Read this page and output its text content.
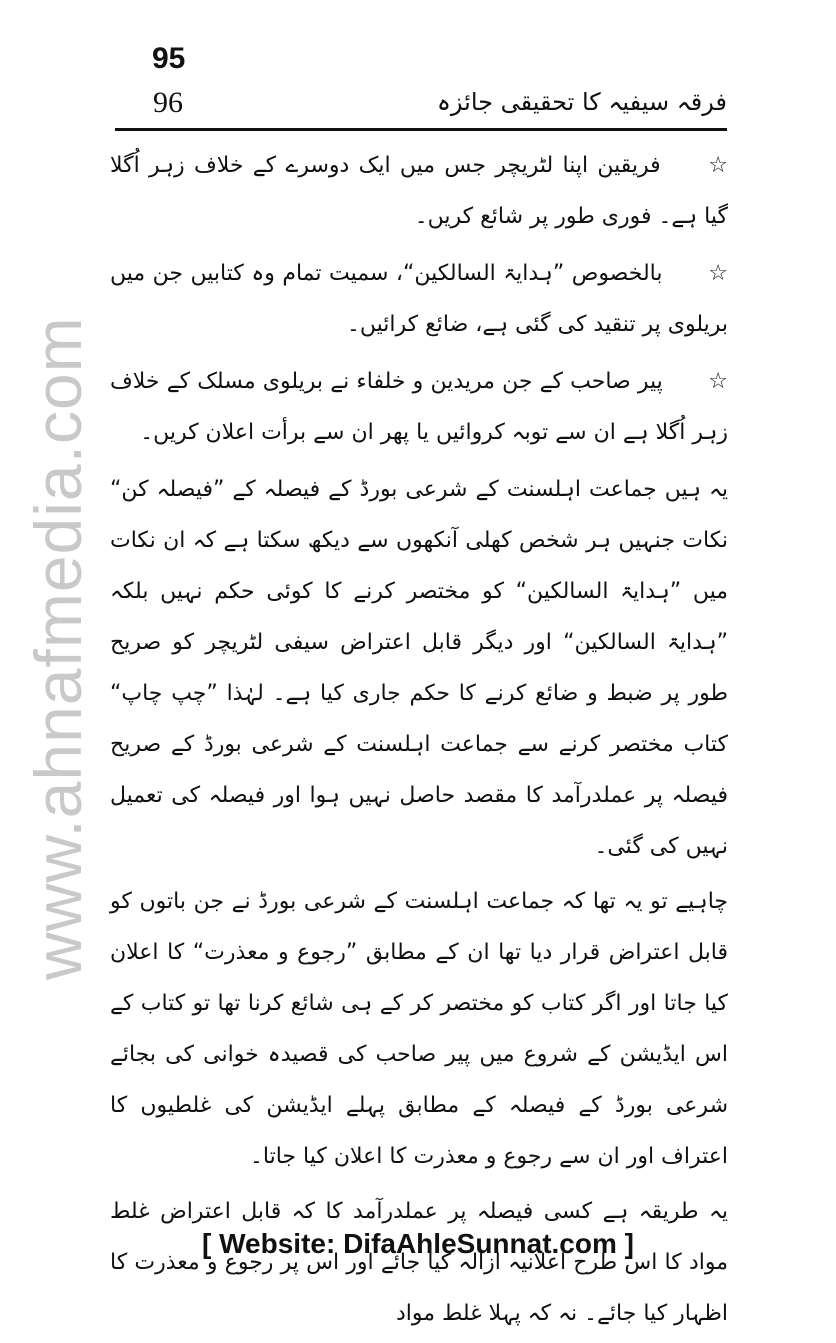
www.ahnafmedia.com
95
96	فرقہ سیفیہ کا تحقیقی جائزہ
☆ فریقین اپنا لٹریچر جس میں ایک دوسرے کے خلاف زہر اُگلا گیا ہے۔ فوری طور پر شائع کریں۔
☆ بالخصوص ”ہدایۃ السالکین“، سمیت تمام وہ کتابیں جن میں بریلوی پر تنقید کی گئی ہے، ضائع کرائیں۔
☆ پیر صاحب کے جن مریدین و خلفاء نے بریلوی مسلک کے خلاف زہر اُگلا ہے ان سے توبہ کروائیں یا پھر ان سے برأت اعلان کریں۔

یہ ہیں جماعت اہلسنت کے شرعی بورڈ کے فیصلہ کے ”فیصلہ کن“ نکات جنہیں ہر شخص کھلی آنکھوں سے دیکھ سکتا ہے کہ ان نکات میں ”ہدایۃ السالکین“ کو مختصر کرنے کا کوئی حکم نہیں بلکہ ”ہدایۃ السالکین“ اور دیگر قابل اعتراض سیفی لٹریچر کو صریح طور پر ضبط و ضائع کرنے کا حکم جاری کیا ہے۔ لہٰذا ”چپ چاپ“ کتاب مختصر کرنے سے جماعت اہلسنت کے شرعی بورڈ کے صریح فیصلہ پر عملدرآمد کا مقصد حاصل نہیں ہوا اور فیصلہ کی تعمیل نہیں کی گئی۔

چاہیے تو یہ تھا کہ جماعت اہلسنت کے شرعی بورڈ نے جن باتوں کو قابل اعتراض قرار دیا تھا ان کے مطابق ”رجوع و معذرت“ کا اعلان کیا جاتا اور اگر کتاب کو مختصر کر کے ہی شائع کرنا تھا تو کتاب کے اس ایڈیشن کے شروع میں پیر صاحب کی قصیدہ خوانی کی بجائے شرعی بورڈ کے فیصلہ کے مطابق پہلے ایڈیشن کی غلطیوں کا اعتراف اور ان سے رجوع و معذرت کا اعلان کیا جاتا۔

یہ طریقہ ہے کسی فیصلہ پر عملدرآمد کا کہ قابل اعتراض غلط مواد کا اس طرح اعلانیہ ازالہ کیا جائے اور اس پر رجوع و معذرت کا اظہار کیا جائے۔ نہ کہ پہلا غلط مواد

[ Website: DifaAhleSunnat.com ]
